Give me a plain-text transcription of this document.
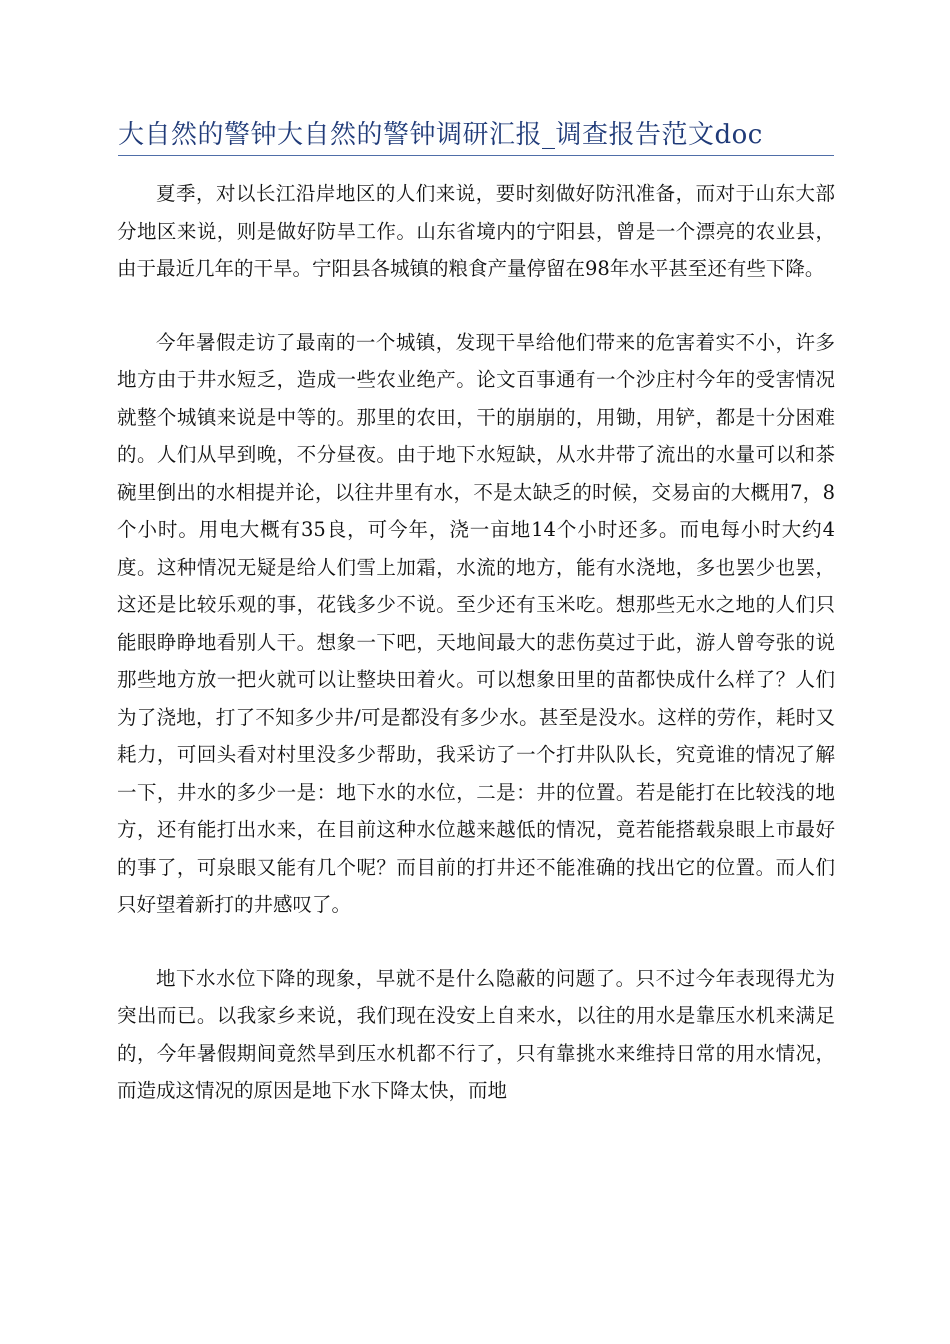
大自然的警钟大自然的警钟调研汇报_调查报告范文doc

夏季，对以长江沿岸地区的人们来说，要时刻做好防汛准备，而对于山东大部分地区来说，则是做好防旱工作。山东省境内的宁阳县，曾是一个漂亮的农业县，由于最近几年的干旱。宁阳县各城镇的粮食产量停留在98年水平甚至还有些下降。

今年暑假走访了最南的一个城镇，发现干旱给他们带来的危害着实不小，许多地方由于井水短乏，造成一些农业绝产。论文百事通有一个沙庄村今年的受害情况就整个城镇来说是中等的。那里的农田，干的崩崩的，用锄，用铲，都是十分困难的。人们从早到晚，不分昼夜。由于地下水短缺，从水井带了流出的水量可以和茶碗里倒出的水相提并论，以往井里有水，不是太缺乏的时候，交易亩的大概用7，8个小时。用电大概有35良，可今年，浇一亩地14个小时还多。而电每小时大约4度。这种情况无疑是给人们雪上加霜，水流的地方，能有水浇地，多也罢少也罢，这还是比较乐观的事，花钱多少不说。至少还有玉米吃。想那些无水之地的人们只能眼睁睁地看别人干。想象一下吧，天地间最大的悲伤莫过于此，游人曾夸张的说那些地方放一把火就可以让整块田着火。可以想象田里的苗都快成什么样了？人们为了浇地，打了不知多少井/可是都没有多少水。甚至是没水。这样的劳作，耗时又耗力，可回头看对村里没多少帮助，我采访了一个打井队队长，究竟谁的情况了解一下，井水的多少一是：地下水的水位，二是：井的位置。若是能打在比较浅的地方，还有能打出水来，在目前这种水位越来越低的情况，竟若能搭载泉眼上市最好的事了，可泉眼又能有几个呢？而目前的打井还不能准确的找出它的位置。而人们只好望着新打的井感叹了。

地下水水位下降的现象，早就不是什么隐蔽的问题了。只不过今年表现得尤为突出而已。以我家乡来说，我们现在没安上自来水，以往的用水是靠压水机来满足的，今年暑假期间竟然旱到压水机都不行了，只有靠挑水来维持日常的用水情况，而造成这情况的原因是地下水下降太快，而地
